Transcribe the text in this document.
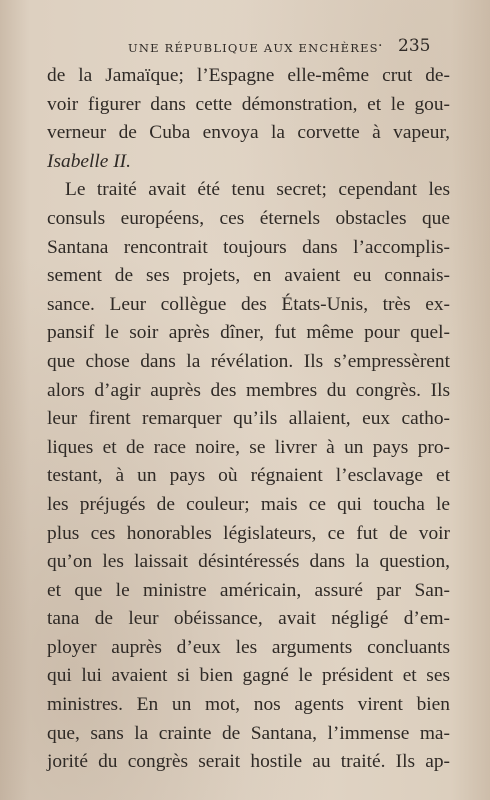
UNE RÉPUBLIQUE AUX ENCHÈRES · 235
de la Jamaïque; l’Espagne elle-même crut de-
voir figurer dans cette démonstration, et le gou-
verneur de Cuba envoya la corvette à vapeur,
Isabelle II.
Le traité avait été tenu secret; cependant les
consuls européens, ces éternels obstacles que
Santana rencontrait toujours dans l’accomplis-
sement de ses projets, en avaient eu connais-
sance. Leur collègue des États-Unis, très ex-
pansif le soir après dîner, fut même pour quel-
que chose dans la révélation. Ils s’empressèrent
alors d’agir auprès des membres du congrès. Ils
leur firent remarquer qu’ils allaient, eux catho-
liques et de race noire, se livrer à un pays pro-
testant, à un pays où régnaient l’esclavage et
les préjugés de couleur; mais ce qui toucha le
plus ces honorables législateurs, ce fut de voir
qu’on les laissait désintéressés dans la question,
et que le ministre américain, assuré par San-
tana de leur obéissance, avait négligé d’em-
ployer auprès d’eux les arguments concluants
qui lui avaient si bien gagné le président et ses
ministres. En un mot, nos agents virent bien
que, sans la crainte de Santana, l’immense ma-
jorité du congrès serait hostile au traité. Ils ap-
